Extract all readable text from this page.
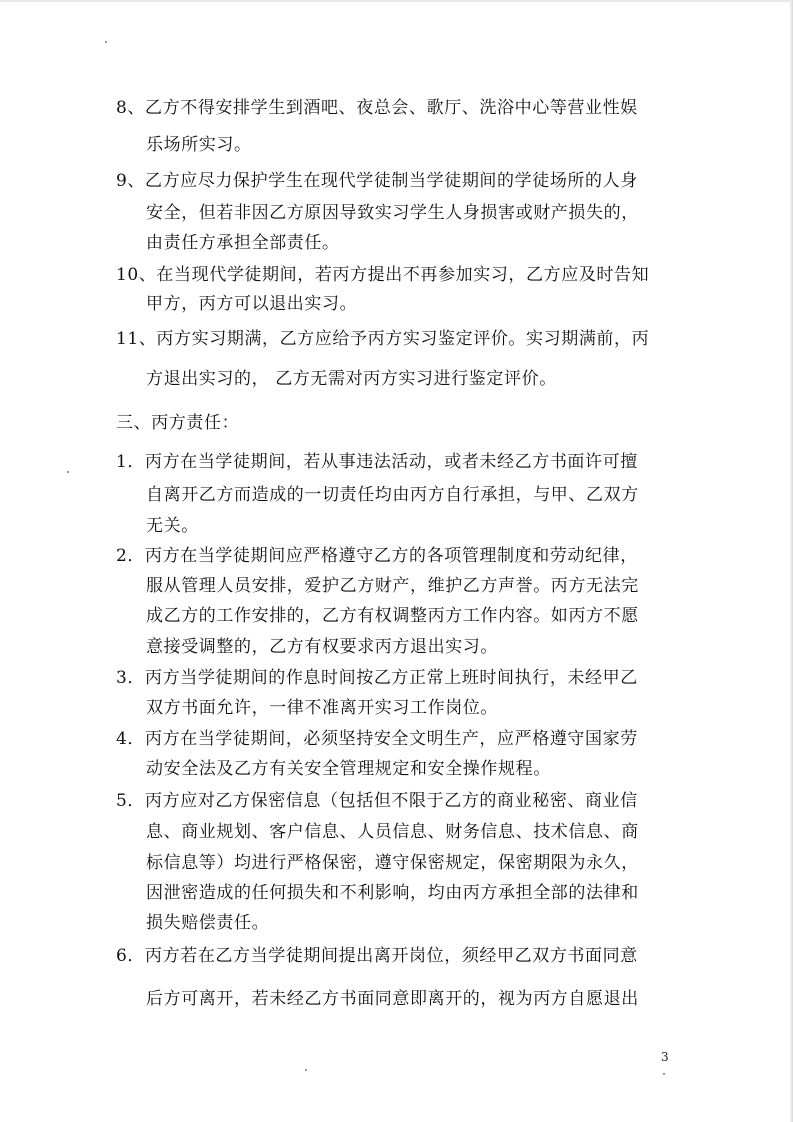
8、乙方不得安排学生到酒吧、夜总会、歌厅、洗浴中心等营业性娱
乐场所实习。
9、乙方应尽力保护学生在现代学徒制当学徒期间的学徒场所的人身
安全，但若非因乙方原因导致实习学生人身损害或财产损失的，
由责任方承担全部责任。
10、在当现代学徒期间，若丙方提出不再参加实习，乙方应及时告知
甲方，丙方可以退出实习。
11、丙方实习期满，乙方应给予丙方实习鉴定评价。实习期满前，丙
方退出实习的， 乙方无需对丙方实习进行鉴定评价。
三、丙方责任：
1．丙方在当学徒期间，若从事违法活动，或者未经乙方书面许可擅
自离开乙方而造成的一切责任均由丙方自行承担，与甲、乙双方
无关。
2．丙方在当学徒期间应严格遵守乙方的各项管理制度和劳动纪律，
服从管理人员安排，爱护乙方财产，维护乙方声誉。丙方无法完
成乙方的工作安排的，乙方有权调整丙方工作内容。如丙方不愿
意接受调整的，乙方有权要求丙方退出实习。
3．丙方当学徒期间的作息时间按乙方正常上班时间执行，未经甲乙
双方书面允许，一律不准离开实习工作岗位。
4．丙方在当学徒期间，必须坚持安全文明生产，应严格遵守国家劳
动安全法及乙方有关安全管理规定和安全操作规程。
5．丙方应对乙方保密信息（包括但不限于乙方的商业秘密、商业信
息、商业规划、客户信息、人员信息、财务信息、技术信息、商
标信息等）均进行严格保密，遵守保密规定，保密期限为永久，
因泄密造成的任何损失和不利影响，均由丙方承担全部的法律和
损失赔偿责任。
6．丙方若在乙方当学徒期间提出离开岗位，须经甲乙双方书面同意
后方可离开，若未经乙方书面同意即离开的，视为丙方自愿退出
3
